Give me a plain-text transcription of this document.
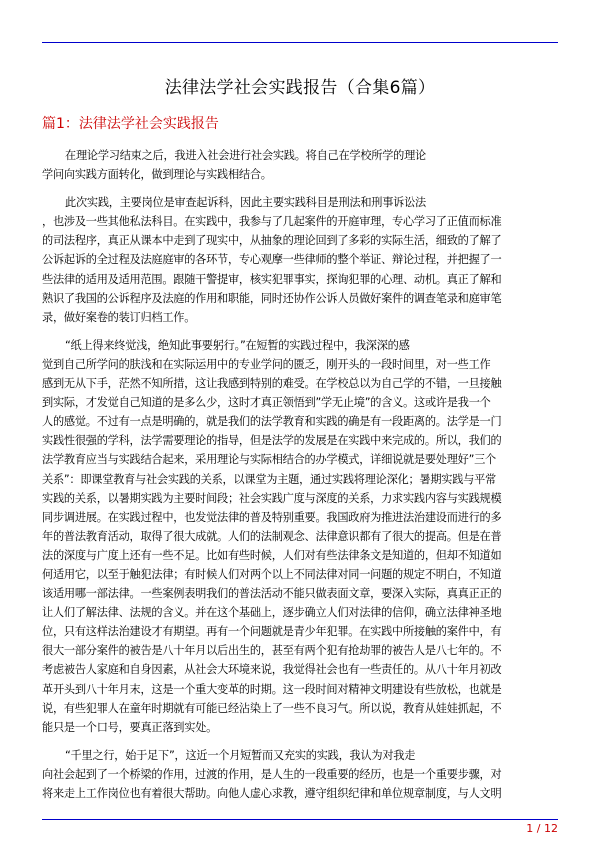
法律法学社会实践报告（合集6篇）
篇1：法律法学社会实践报告
在理论学习结束之后，我进入社会进行社会实践。将自己在学校所学的理论
学问向实践方面转化，做到理论与实践相结合。
此次实践，主要岗位是审查起诉科，因此主要实践科目是刑法和刑事诉讼法
，也涉及一些其他私法科目。在实践中，我参与了几起案件的开庭审理，专心学习了正值而标准
的司法程序，真正从课本中走到了现实中，从抽象的理论回到了多彩的实际生活，细致的了解了
公诉起诉的全过程及法庭庭审的各环节，专心观摩一些律师的整个举证、辩论过程，并把握了一
些法律的适用及适用范围。跟随干警提审，核实犯罪事实，探询犯罪的心理、动机。真正了解和
熟识了我国的公诉程序及法庭的作用和职能，同时还协作公诉人员做好案件的调查笔录和庭审笔
录，做好案卷的装订归档工作。
“纸上得来终觉浅，绝知此事要躬行。”在短暂的实践过程中，我深深的感
觉到自己所学问的肤浅和在实际运用中的专业学问的匮乏，刚开头的一段时间里，对一些工作
感到无从下手，茫然不知所措，这让我感到特别的难受。在学校总以为自己学的不错，一旦接触
到实际，才发觉自己知道的是多么少，这时才真正领悟到”学无止境”的含义。这或许是我一个
人的感觉。不过有一点是明确的，就是我们的法学教育和实践的确是有一段距离的。法学是一门
实践性很强的学科，法学需要理论的指导，但是法学的发展是在实践中来完成的。所以，我们的
法学教育应当与实践结合起来，采用理论与实际相结合的办学模式，详细说就是要处理好”三个
关系”：即课堂教育与社会实践的关系，以课堂为主题，通过实践将理论深化；暑期实践与平常
实践的关系，以暑期实践为主要时间段；社会实践广度与深度的关系，力求实践内容与实践规模
同步调进展。在实践过程中，也发觉法律的普及特别重要。我国政府为推进法治建设而进行的多
年的普法教育活动，取得了很大成就。人们的法制观念、法律意识都有了很大的提高。但是在普
法的深度与广度上还有一些不足。比如有些时候，人们对有些法律条文是知道的，但却不知道如
何适用它，以至于触犯法律；有时候人们对两个以上不同法律对同一问题的规定不明白，不知道
该适用哪一部法律。一些案例表明我们的普法活动不能只做表面文章，要深入实际，真真正正的
让人们了解法律、法规的含义。并在这个基础上，逐步确立人们对法律的信仰，确立法律神圣地
位，只有这样法治建设才有期望。再有一个问题就是青少年犯罪。在实践中所接触的案件中，有
很大一部分案件的被告是八十年月以后出生的，甚至有两个犯有抢劫罪的被告人是八七年的。不
考虑被告人家庭和自身因素，从社会大环境来说，我觉得社会也有一些责任的。从八十年月初改
革开头到八十年月末，这是一个重大变革的时期。这一段时间对精神文明建设有些放松，也就是
说，有些犯罪人在童年时期就有可能已经沾染上了一些不良习气。所以说，教育从娃娃抓起，不
能只是一个口号，要真正落到实处。
“千里之行，始于足下”，这近一个月短暂而又充实的实践，我认为对我走
向社会起到了一个桥梁的作用，过渡的作用，是人生的一段重要的经历，也是一个重要步骤，对
将来走上工作岗位也有着很大帮助。向他人虚心求教，遵守组织纪律和单位规章制度，与人文明
1 / 12
